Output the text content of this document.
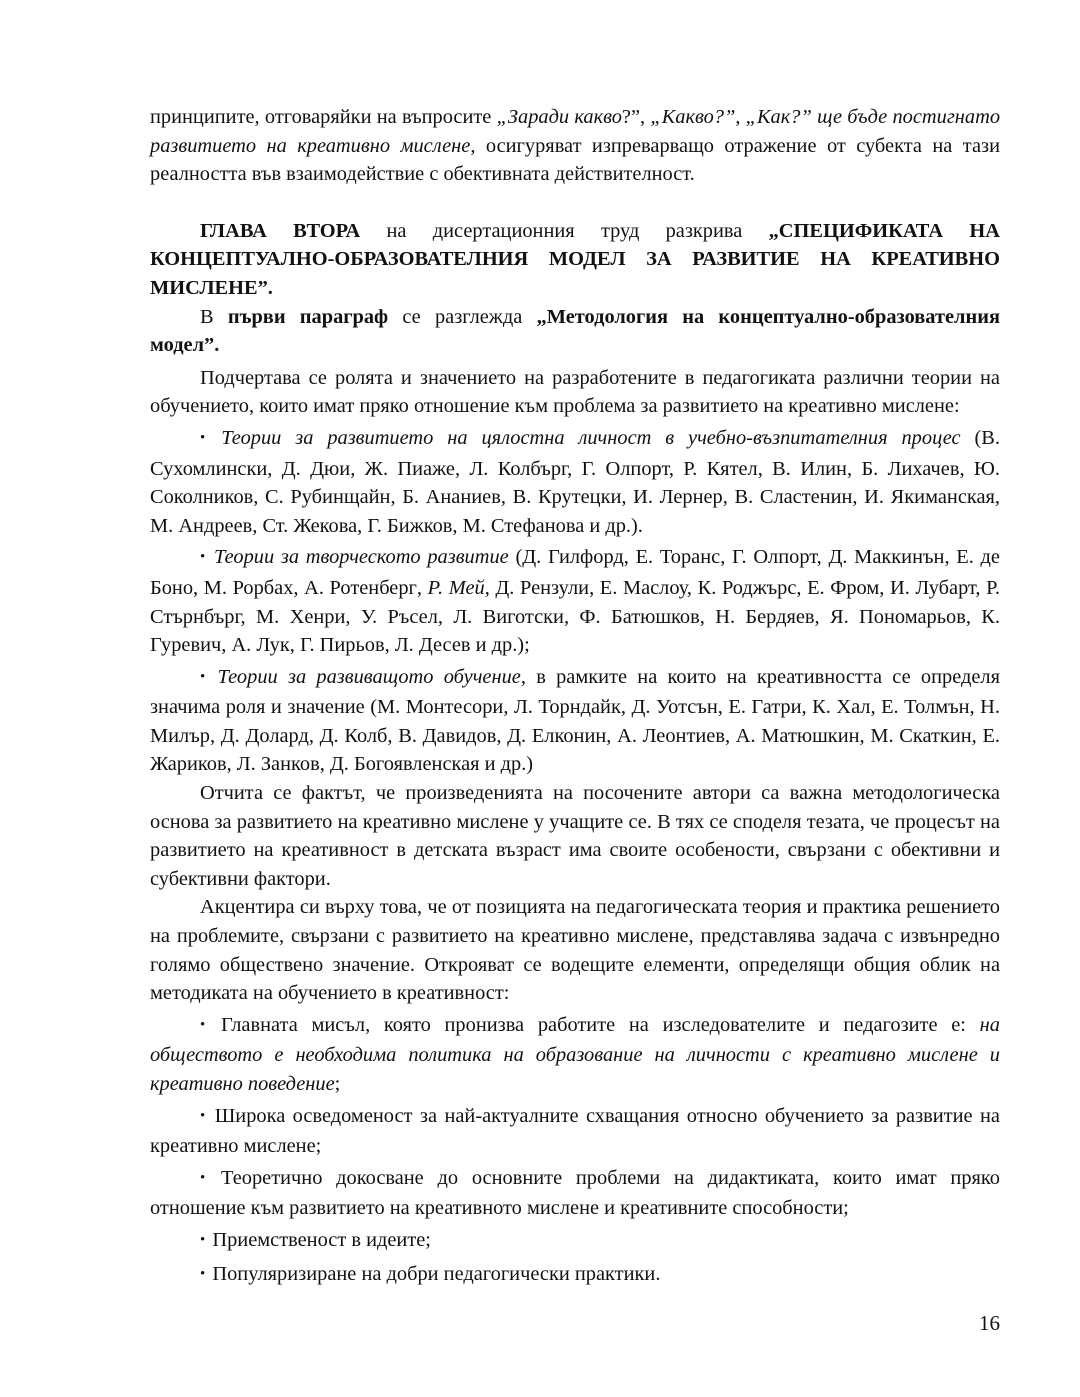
принципите, отговаряйки на въпросите „Заради какво?”, „Какво?”, „Как?” ще бъде постигнато развитието на креативно мислене, осигуряват изпреварващо отражение от субекта на тази реалността във взаимодействие с обективната действителност.

ГЛАВА ВТОРА на дисертационния труд разкрива „СПЕЦИФИКАТА НА КОНЦЕПТУАЛНО-ОБРАЗОВАТЕЛНИЯ МОДЕЛ ЗА РАЗВИТИЕ НА КРЕАТИВНО МИСЛЕНЕ”.

В първи параграф се разглежда „Методология на концептуално-образователния модел”.

Подчертава се ролята и значението на разработените в педагогиката различни теории на обучението, които имат пряко отношение към проблема за развитието на креативно мислене:

• Теории за развитието на цялостна личност в учебно-възпитателния процес (В. Сухомлински, Д. Дюи, Ж. Пиаже, Л. Колбърг, Г. Олпорт, Р. Кятел, В. Илин, Б. Лихачев, Ю. Соколников, С. Рубинщайн, Б. Ананиев, В. Крутецки, И. Лернер, В. Сластенин, И. Якиманская, М. Андреев, Ст. Жекова, Г. Бижков, М. Стефанова и др.).

• Теории за творческото развитие (Д. Гилфорд, Е. Торанс, Г. Олпорт, Д. Маккинън, Е. де Боно, М. Рорбах, А. Ротенберг, Р. Мей, Д. Рензули, Е. Маслоу, К. Роджърс, Е. Фром, И. Лубарт, Р. Стърнбърг, М. Хенри, У. Ръсел, Л. Виготски, Ф. Батюшков, Н. Бердяев, Я. Пономарьов, К. Гуревич, А. Лук, Г. Пирьов, Л. Десев и др.);

• Теории за развиващото обучение, в рамките на които на креативността се определя значима роля и значение (М. Монтесори, Л. Торндайк, Д. Уотсън, Е. Гатри, К. Хал, Е. Толмън, Н. Милър, Д. Долард, Д. Колб, В. Давидов, Д. Елконин, А. Леонтиев, А. Матюшкин, М. Скаткин, Е. Жариков, Л. Занков, Д. Богоявленская и др.)

Отчита се фактът, че произведенията на посочените автори са важна методологическа основа за развитието на креативно мислене у учащите се. В тях се споделя тезата, че процесът на развитието на креативност в детската възраст има своите особености, свързани с обективни и субективни фактори.

Акцентира си върху това, че от позицията на педагогическата теория и практика решението на проблемите, свързани с развитието на креативно мислене, представлява задача с извънредно голямо обществено значение. Открояват се водещите елементи, определящи общия облик на методиката на обучението в креативност:

• Главната мисъл, която пронизва работите на изследователите и педагозите е: на обществото е необходима политика на образование на личности с креативно мислене и креативно поведение;

• Широка осведоменост за най-актуалните схващания относно обучението за развитие на креативно мислене;

• Теоретично докосване до основните проблеми на дидактиката, които имат пряко отношение към развитието на креативното мислене и креативните способности;

• Приемственост в идеите;

• Популяризиране на добри педагогически практики.

16
